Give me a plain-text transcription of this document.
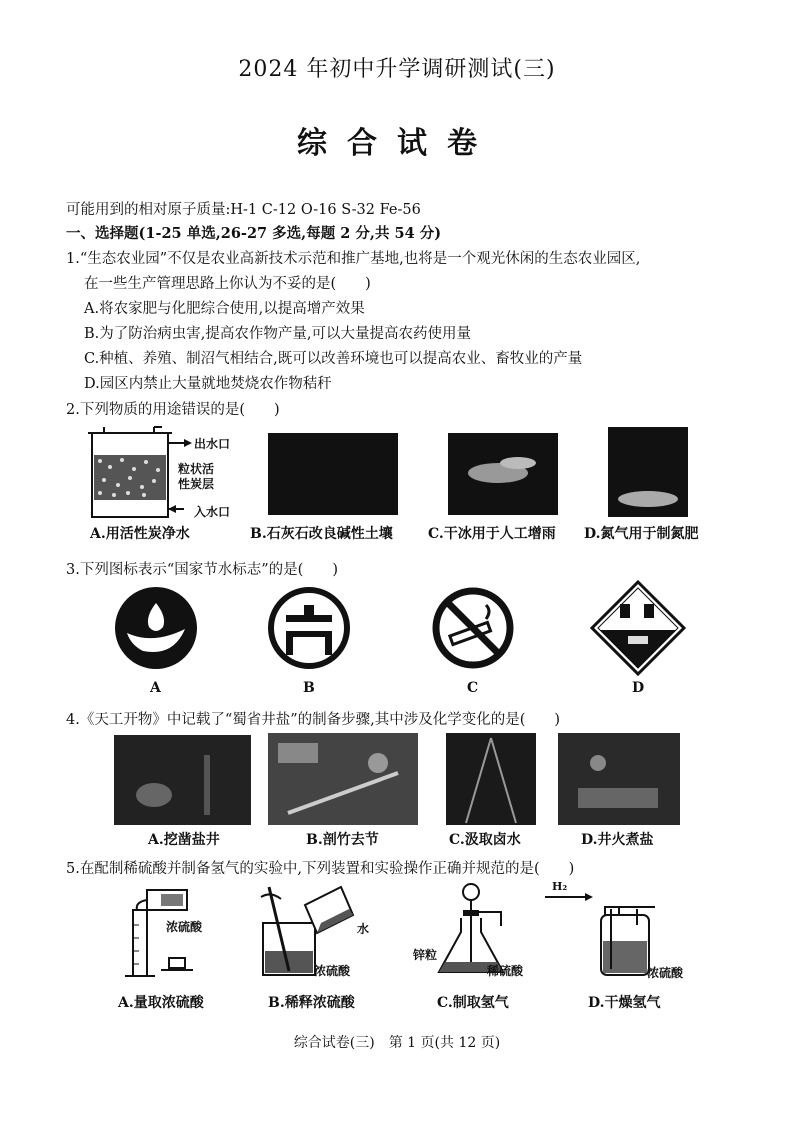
2024 年初中升学调研测试(三)
综合试卷
可能用到的相对原子质量:H-1 C-12 O-16 S-32 Fe-56
一、选择题(1-25 单选,26-27 多选,每题 2 分,共 54 分)
1.“生态农业园”不仅是农业高新技术示范和推广基地,也将是一个观光休闲的生态农业园区,
在一些生产管理思路上你认为不妥的是(　　)
A.将农家肥与化肥综合使用,以提高增产效果
B.为了防治病虫害,提高农作物产量,可以大量提高农药使用量
C.种植、养殖、制沼气相结合,既可以改善环境也可以提高农业、畜牧业的产量
D.园区内禁止大量就地焚烧农作物秸秆
2.下列物质的用途错误的是(　　)
出水口
粒状活
性炭层
入水口
A.用活性炭净水	B.石灰石改良碱性土壤	C.干冰用于人工增雨 D.氮气用于制氮肥
3.下列图标表示“国家节水标志”的是(　　)
A	B	C	D
4.《天工开物》中记载了“蜀省井盐”的制备步骤,其中涉及化学变化的是(　　)
A.挖凿盐井	B.剖竹去节	C.汲取卤水	D.井火煮盐
5.在配制稀硫酸并制备氢气的实验中,下列装置和实验操作正确并规范的是(　　)
浓硫酸	水
浓硫酸
锌粒
稀硫酸
H₂
浓硫酸
A.量取浓硫酸	B.稀释浓硫酸	C.制取氢气	D.干燥氢气
综合试卷(三)　第 1 页(共 12 页)
